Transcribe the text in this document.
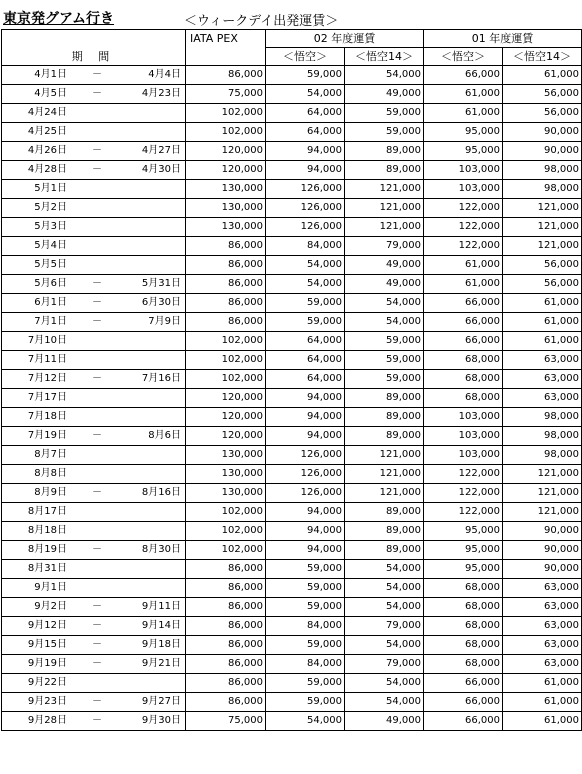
東京発グアム行き	＜ウィークデイ出発運賃＞
期 間	IATA PEX	02 年度運賃		01 年度運賃	
		＜悟空＞	＜悟空14＞	＜悟空＞	＜悟空14＞

4月1日 － 4月4日	86,000	59,000	54,000	66,000	61,000

4月5日 － 4月23日	75,000	54,000	49,000	61,000	56,000

4月24日	102,000	64,000	59,000	61,000	56,000

4月25日	102,000	64,000	59,000	95,000	90,000

4月26日 － 4月27日	120,000	94,000	89,000	95,000	90,000

4月28日 － 4月30日	120,000	94,000	89,000	103,000	98,000

5月1日	130,000	126,000	121,000	103,000	98,000

5月2日	130,000	126,000	121,000	122,000	121,000

5月3日	130,000	126,000	121,000	122,000	121,000

5月4日	86,000	84,000	79,000	122,000	121,000

5月5日	86,000	54,000	49,000	61,000	56,000

5月6日 － 5月31日	86,000	54,000	49,000	61,000	56,000

6月1日 － 6月30日	86,000	59,000	54,000	66,000	61,000

7月1日 － 7月9日	86,000	59,000	54,000	66,000	61,000

7月10日	102,000	64,000	59,000	66,000	61,000

7月11日	102,000	64,000	59,000	68,000	63,000

7月12日 － 7月16日	102,000	64,000	59,000	68,000	63,000

7月17日	120,000	94,000	89,000	68,000	63,000

7月18日	120,000	94,000	89,000	103,000	98,000

7月19日 － 8月6日	120,000	94,000	89,000	103,000	98,000

8月7日	130,000	126,000	121,000	103,000	98,000

8月8日	130,000	126,000	121,000	122,000	121,000

8月9日 － 8月16日	130,000	126,000	121,000	122,000	121,000

8月17日	102,000	94,000	89,000	122,000	121,000

8月18日	102,000	94,000	89,000	95,000	90,000

8月19日 － 8月30日	102,000	94,000	89,000	95,000	90,000

8月31日	86,000	59,000	54,000	95,000	90,000

9月1日	86,000	59,000	54,000	68,000	63,000

9月2日 － 9月11日	86,000	59,000	54,000	68,000	63,000

9月12日 － 9月14日	86,000	84,000	79,000	68,000	63,000

9月15日 － 9月18日	86,000	59,000	54,000	68,000	63,000

9月19日 － 9月21日	86,000	84,000	79,000	68,000	63,000

9月22日	86,000	59,000	54,000	66,000	61,000

9月23日 － 9月27日	86,000	59,000	54,000	66,000	61,000

9月28日 － 9月30日	75,000	54,000	49,000	66,000	61,000
